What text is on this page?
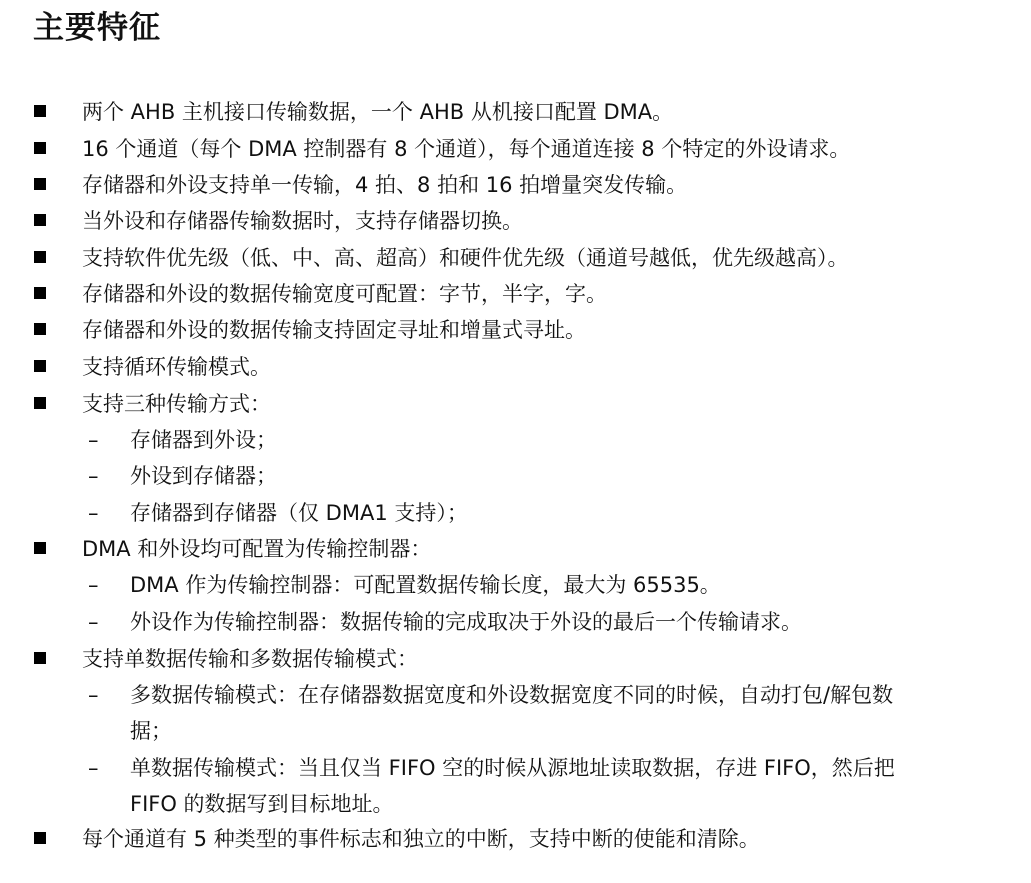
主要特征
两个 AHB 主机接口传输数据，一个 AHB 从机接口配置 DMA。
16 个通道（每个 DMA 控制器有 8 个通道），每个通道连接 8 个特定的外设请求。
存储器和外设支持单一传输，4 拍、8 拍和 16 拍增量突发传输。
当外设和存储器传输数据时，支持存储器切换。
支持软件优先级（低、中、高、超高）和硬件优先级（通道号越低，优先级越高）。
存储器和外设的数据传输宽度可配置：字节，半字，字。
存储器和外设的数据传输支持固定寻址和增量式寻址。
支持循环传输模式。
支持三种传输方式：
– 存储器到外设；
– 外设到存储器；
– 存储器到存储器（仅 DMA1 支持）；
DMA 和外设均可配置为传输控制器：
– DMA 作为传输控制器：可配置数据传输长度，最大为 65535。
– 外设作为传输控制器：数据传输的完成取决于外设的最后一个传输请求。
支持单数据传输和多数据传输模式：
– 多数据传输模式：在存储器数据宽度和外设数据宽度不同的时候，自动打包/解包数
据；
– 单数据传输模式：当且仅当 FIFO 空的时候从源地址读取数据，存进 FIFO，然后把
FIFO 的数据写到目标地址。
每个通道有 5 种类型的事件标志和独立的中断，支持中断的使能和清除。
